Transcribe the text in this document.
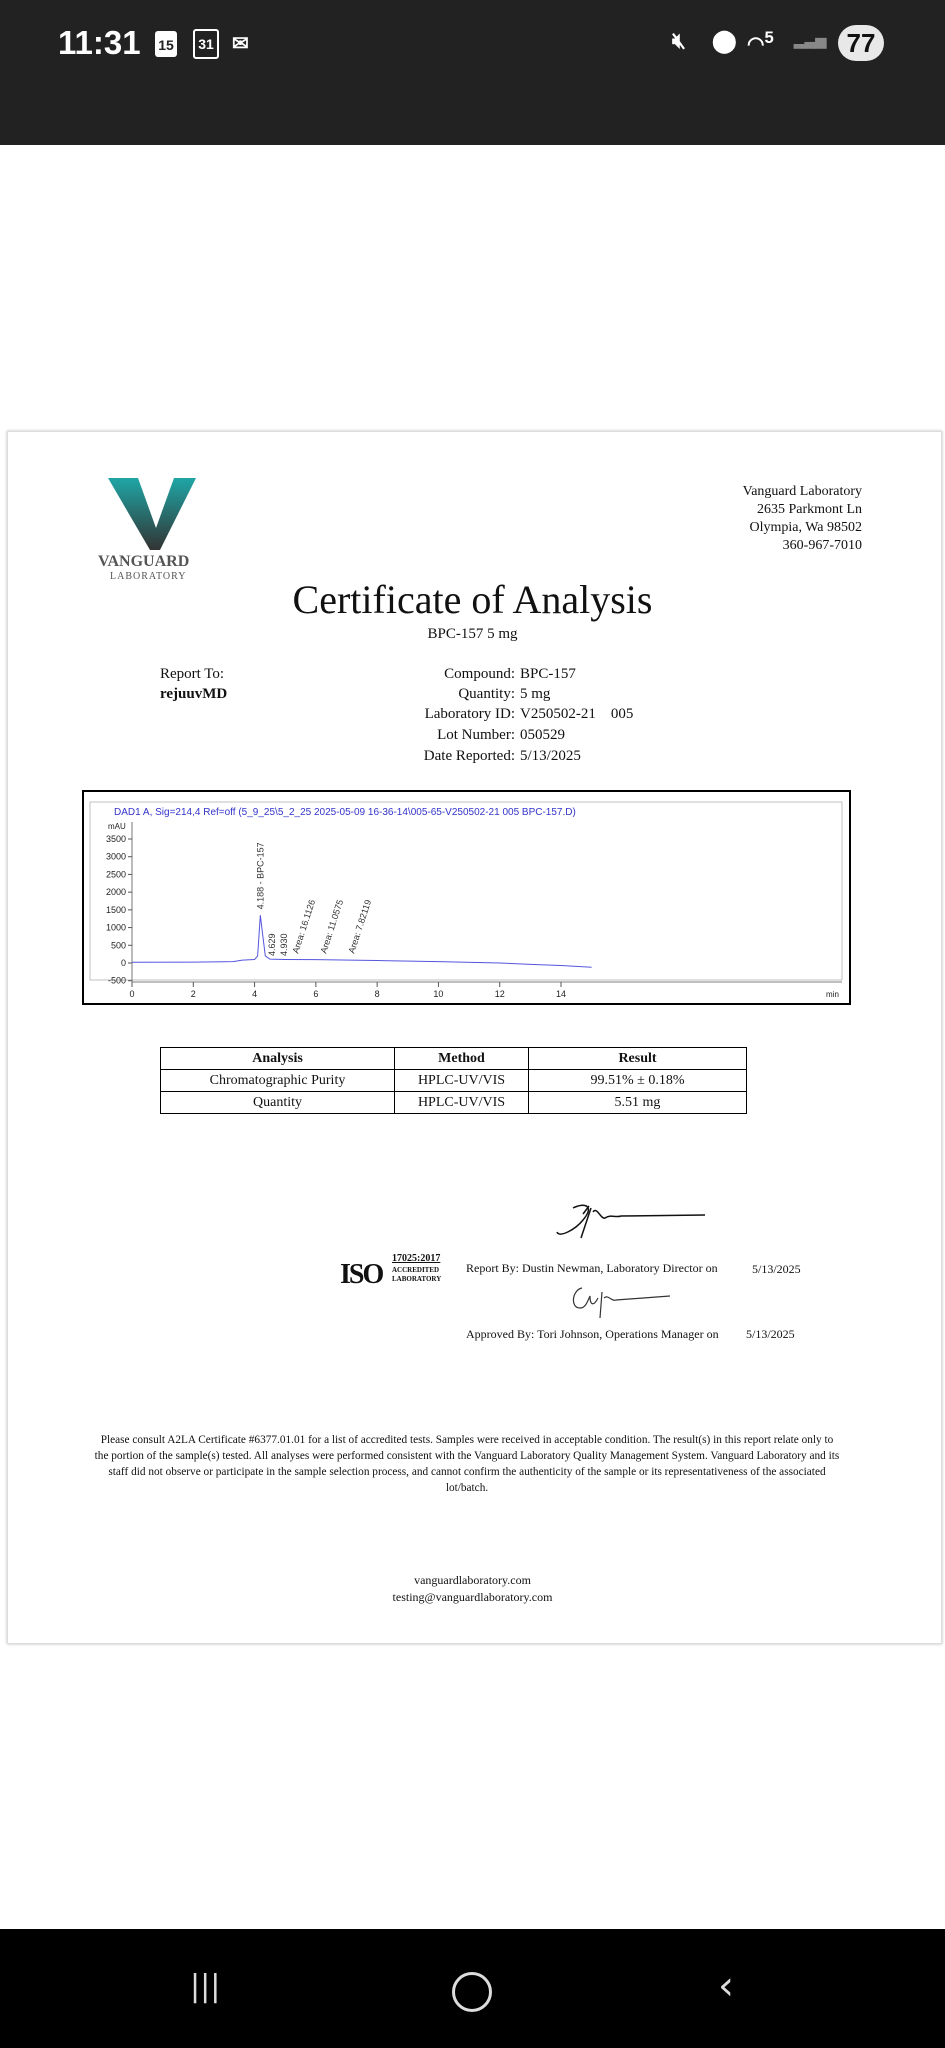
11:31 15	31 ✉	🔇︎ ⬤ ◠$^5$ ▂▃▅ 77
VANGUARD
LABORATORY
Vanguard Laboratory
2635 Parkmont Ln
Olympia, Wa 98502
360-967-7010
Certificate of Analysis
BPC-157 5 mg
Report To:
rejuuvMD
Compound: BPC-157
Quantity: 5 mg
Laboratory ID: V250502-21    005
Lot Number: 050529
Date Reported: 5/13/2025
DAD1 A, Sig=214,4 Ref=off (5_9_25\5_2_25 2025-05-09 16-36-14\005-65-V250502-21 005 BPC-157.D)
mAU
3500
3000
2500
2000
1500
1000
500
0
-500
0	2	4	6	8	10	12	14	min
4.188 - BPC-157
4.629 4.930 Area: 16.1126 Area: 11.0575 Area: 7.82119
Analysis	Method	Result
Chromatographic Purity	HPLC-UV/VIS	99.51% ± 0.18%
Quantity	HPLC-UV/VIS	5.51 mg
Report By: Dustin Newman, Laboratory Director on	5/13/2025
ISO
17025:2017
ACCREDITED
LABORATORY
Approved By: Tori Johnson, Operations Manager on 5/13/2025
Please consult A2LA Certificate #6377.01.01 for a list of accredited tests. Samples were received in acceptable condition. The result(s) in this report relate only to the portion of the sample(s) tested. All analyses were performed consistent with the Vanguard Laboratory Quality Management System. Vanguard Laboratory and its staff did not observe or participate in the sample selection process, and cannot confirm the authenticity of the sample or its representativeness of the associated lot/batch.
vanguardlaboratory.com
testing@vanguardlaboratory.com
|||	‹
